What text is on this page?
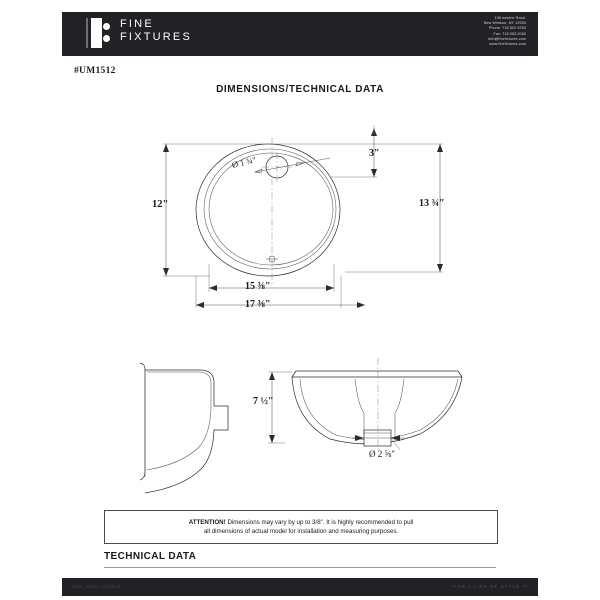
FINE
FIXTURES
106 westric Road.
New Windsor, NY 12553
Phone: 718.502.9393
Fax: 718.963.2080
info@finefixtures.com
www.finefixtures.com
#UM1512
DIMENSIONS/TECHNICAL DATA
12"	13 ¾"
3"
Ø 1 ¾"
15 ⅜"
17 ⅜"
7 ½"
Ø 2 ⅝"
ATTENTION! Dimensions may vary by up to 3/8". It is highly recommended to pull
all dimensions of actual model for installation and measuring purposes.
TECHNICAL DATA
Spec Sheet 12/2015	FOR A LIFE OF STYLE ™
